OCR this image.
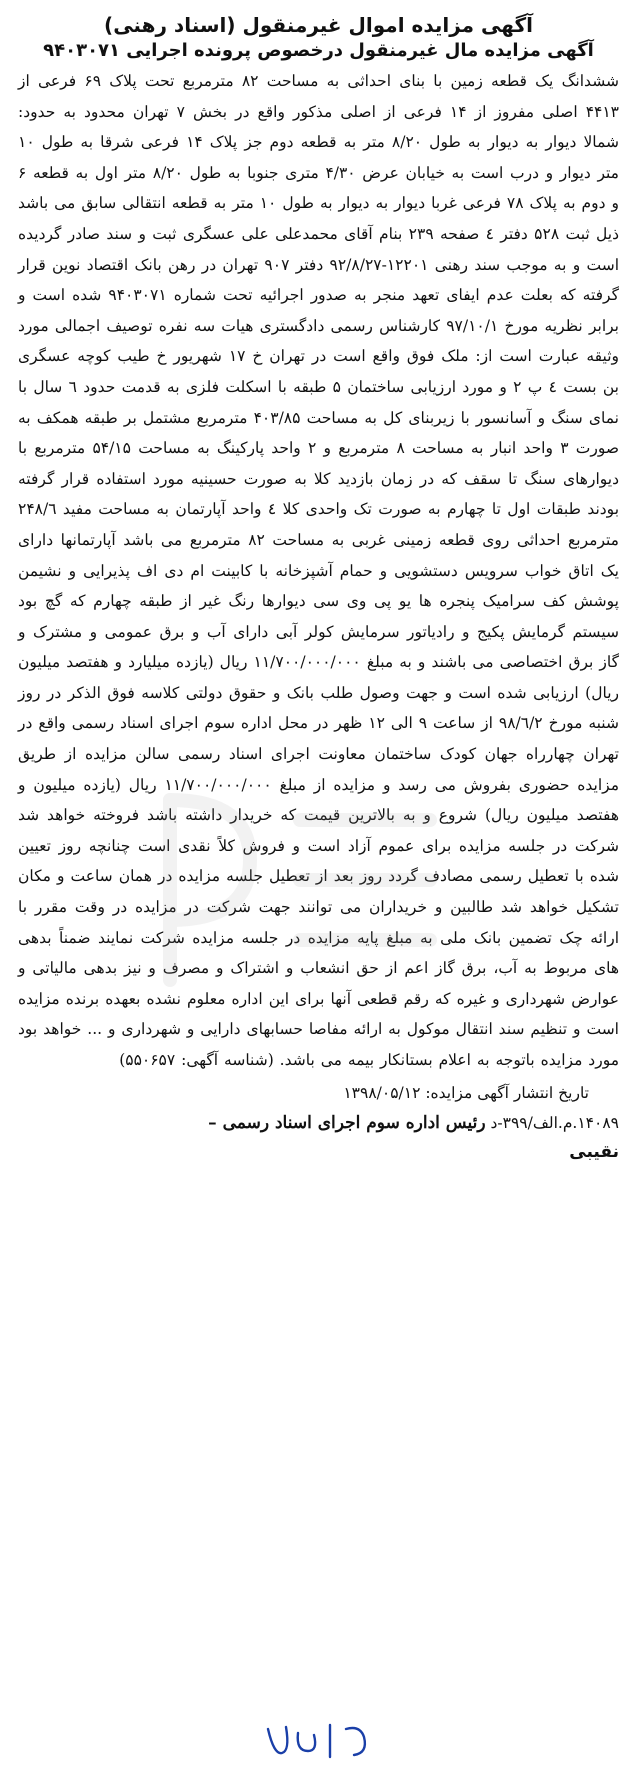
آگهی مزایده اموال غیرمنقول (اسناد رهنی)
آگهی مزایده مال غیرمنقول درخصوص پرونده اجرایی ۹۴۰۳۰۷۱

ششدانگ یک قطعه زمین با بنای احداثی به مساحت ۸۲ مترمربع تحت پلاک ۶۹ فرعی از ۴۴۱۳ اصلی مفروز از ۱۴ فرعی از اصلی مذکور واقع در بخش ۷ تهران محدود به حدود: شمالا دیوار به دیوار به طول ۸/۲۰ متر به قطعه دوم جز پلاک ۱۴ فرعی شرقا به طول ۱۰ متر دیوار و درب است به خیابان عرض ۴/۳۰ متری جنوبا به طول ۸/۲۰ متر اول به قطعه ۶ و دوم به پلاک ۷۸ فرعی غربا دیوار به دیوار به طول ۱۰ متر به قطعه انتقالی سابق می باشد ذیل ثبت ۵۲۸ دفتر ٤ صفحه ۲۳۹ بنام آقای محمدعلی علی عسگری ثبت و سند صادر گردیده است و به موجب سند رهنی ۱۲۲۰۱-۹۲/۸/۲۷ دفتر ۹۰۷ تهران در رهن بانک اقتصاد نوین قرار گرفته که بعلت عدم ایفای تعهد منجر به صدور اجرائیه تحت شماره ۹۴۰۳۰۷۱ شده است و برابر نظریه مورخ ۹۷/۱۰/۱ کارشناس رسمی دادگستری هیات سه نفره توصیف اجمالی مورد وثیقه عبارت است از: ملک فوق واقع است در تهران خ ۱۷ شهریور خ طیب کوچه عسگری بن بست ٤ پ ۲ و مورد ارزیابی ساختمان ۵ طبقه با اسکلت فلزی به قدمت حدود ٦ سال با نمای سنگ و آسانسور با زیربنای کل به مساحت ۴۰۳/۸۵ مترمربع مشتمل بر طبقه همکف به صورت ۳ واحد انبار به مساحت ۸ مترمربع و ۲ واحد پارکینگ به مساحت ۵۴/۱۵ مترمربع با دیوارهای سنگ تا سقف که در زمان بازدید کلا به صورت حسینیه مورد استفاده قرار گرفته بودند طبقات اول تا چهارم به صورت تک واحدی کلا ٤ واحد آپارتمان به مساحت مفید ۲۴۸/٦ مترمربع احداثی روی قطعه زمینی غربی به مساحت ۸۲ مترمربع می باشد آپارتمانها دارای یک اتاق خواب سرویس دستشویی و حمام آشپزخانه با کابینت ام دی اف پذیرایی و نشیمن پوشش کف سرامیک پنجره ها یو پی وی سی دیوارها رنگ غیر از طبقه چهارم که گچ بود سیستم گرمایش پکیج و رادیاتور سرمایش کولر آبی دارای آب و برق عمومی و مشترک و گاز برق اختصاصی می باشند و به مبلغ ۱۱/۷۰۰/۰۰۰/۰۰۰ ریال (یازده میلیارد و هفتصد میلیون ریال) ارزیابی شده است و جهت وصول طلب بانک و حقوق دولتی کلاسه فوق الذکر در روز شنبه مورخ ۹۸/٦/۲ از ساعت ۹ الی ۱۲ ظهر در محل اداره سوم اجرای اسناد رسمی واقع در تهران چهارراه جهان کودک ساختمان معاونت اجرای اسناد رسمی سالن مزایده از طریق مزایده حضوری بفروش می رسد و مزایده از مبلغ ۱۱/۷۰۰/۰۰۰/۰۰۰ ریال (یازده میلیون و هفتصد میلیون ریال) شروع و به بالاترین قیمت که خریدار داشته باشد فروخته خواهد شد شرکت در جلسه مزایده برای عموم آزاد است و فروش کلاً نقدی است چنانچه روز تعیین شده با تعطیل رسمی مصادف گردد روز بعد از تعطیل جلسه مزایده در همان ساعت و مکان تشکیل خواهد شد طالبین و خریداران می توانند جهت شرکت در مزایده در وقت مقرر با ارائه چک تضمین بانک ملی به مبلغ پایه مزایده در جلسه مزایده شرکت نمایند ضمناً بدهی های مربوط به آب، برق گاز اعم از حق انشعاب و اشتراک و مصرف و نیز بدهی مالیاتی و عوارض شهرداری و غیره که رقم قطعی آنها برای این اداره معلوم نشده بعهده برنده مزایده است و تنظیم سند انتقال موکول به ارائه مفاصا حسابهای دارایی و شهرداری و ... خواهد بود مورد مزایده باتوجه به اعلام بستانکار بیمه می باشد. (شناسه آگهی: ۵۵۰۶۵۷)

تاریخ انتشار آگهی مزایده: ۱۳۹۸/۰۵/۱۲
۱۴۰۸۹.م.الف/۳۹۹-د رئیس اداره سوم اجرای اسناد رسمی –
نقیبی
